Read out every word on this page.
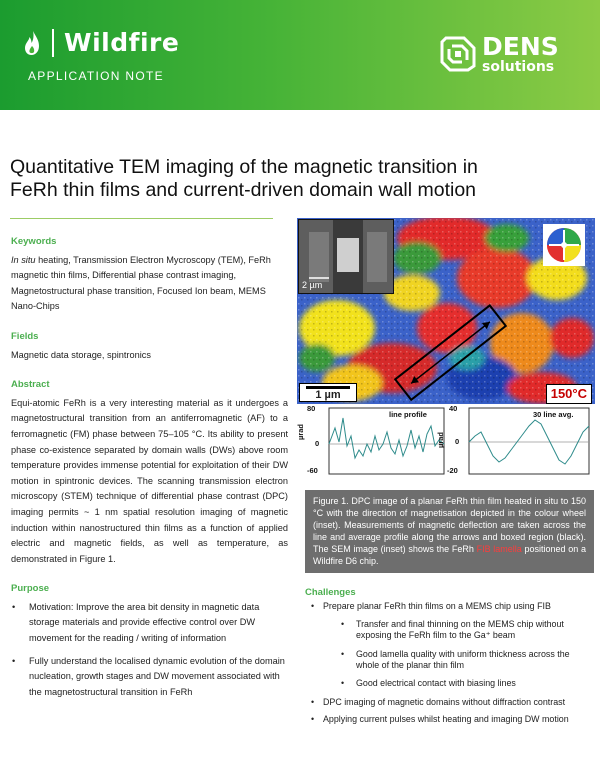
Wildfire
APPLICATION NOTE
DENS
solutions
Quantitative TEM imaging of the magnetic transition in FeRh thin films and current-driven domain wall motion
Keywords
In situ heating, Transmission Electron Mycroscopy (TEM), FeRh magnetic thin films, Differential phase contrast imaging, Magnetostructural phase transition, Focused Ion beam, MEMS Nano-Chips
Fields
Magnetic data storage, spintronics
Abstract
Equi-atomic FeRh is a very interesting material as it undergoes a magnetostructural transition from an antiferromagnetic (AF) to a ferromagnetic (FM) phase between 75–105 °C. Its ability to present phase co-existence separated by domain walls (DWs) above room temperature provides immense potential for exploitation of their DW motion in spintronic devices. The scanning transmission electron microscopy (STEM) technique of differential phase contrast (DPC) imaging permits ~ 1 nm spatial resolution imaging of magnetic induction within nanostructured thin films as a function of applied electric and magnetic fields, as well as temperature, as demonstrated in Figure 1.
Purpose
• Motivation: Improve the area bit density in magnetic data storage materials and provide effective control over DW movement for the reading / writing of information
• Fully understand the localised dynamic evolution of the domain nucleation, growth stages and DW movement associated with the magnetostructural transition in FeRh
2 µm
1 µm	150°C
80
0
-60
line profile
40
0
-20
30 line avg.
µrad	µrad
Figure 1. DPC image of a planar FeRh thin film heated in situ to 150 °C with the direction of magnetisation depicted in the colour wheel (inset). Measurements of magnetic deflection are taken across the line and average profile along the arrows and boxed region (black). The SEM image (inset) shows the FeRh FIB lamella positioned on a Wildfire D6 chip.
Challenges
• Prepare planar FeRh thin films on a MEMS chip using FIB
• Transfer and final thinning on the MEMS chip without exposing the FeRh film to the Ga⁺ beam
• Good lamella quality with uniform thickness across the whole of the planar thin film
• Good electrical contact with biasing lines
• DPC imaging of magnetic domains without diffraction contrast
• Applying current pulses whilst heating and imaging DW motion
